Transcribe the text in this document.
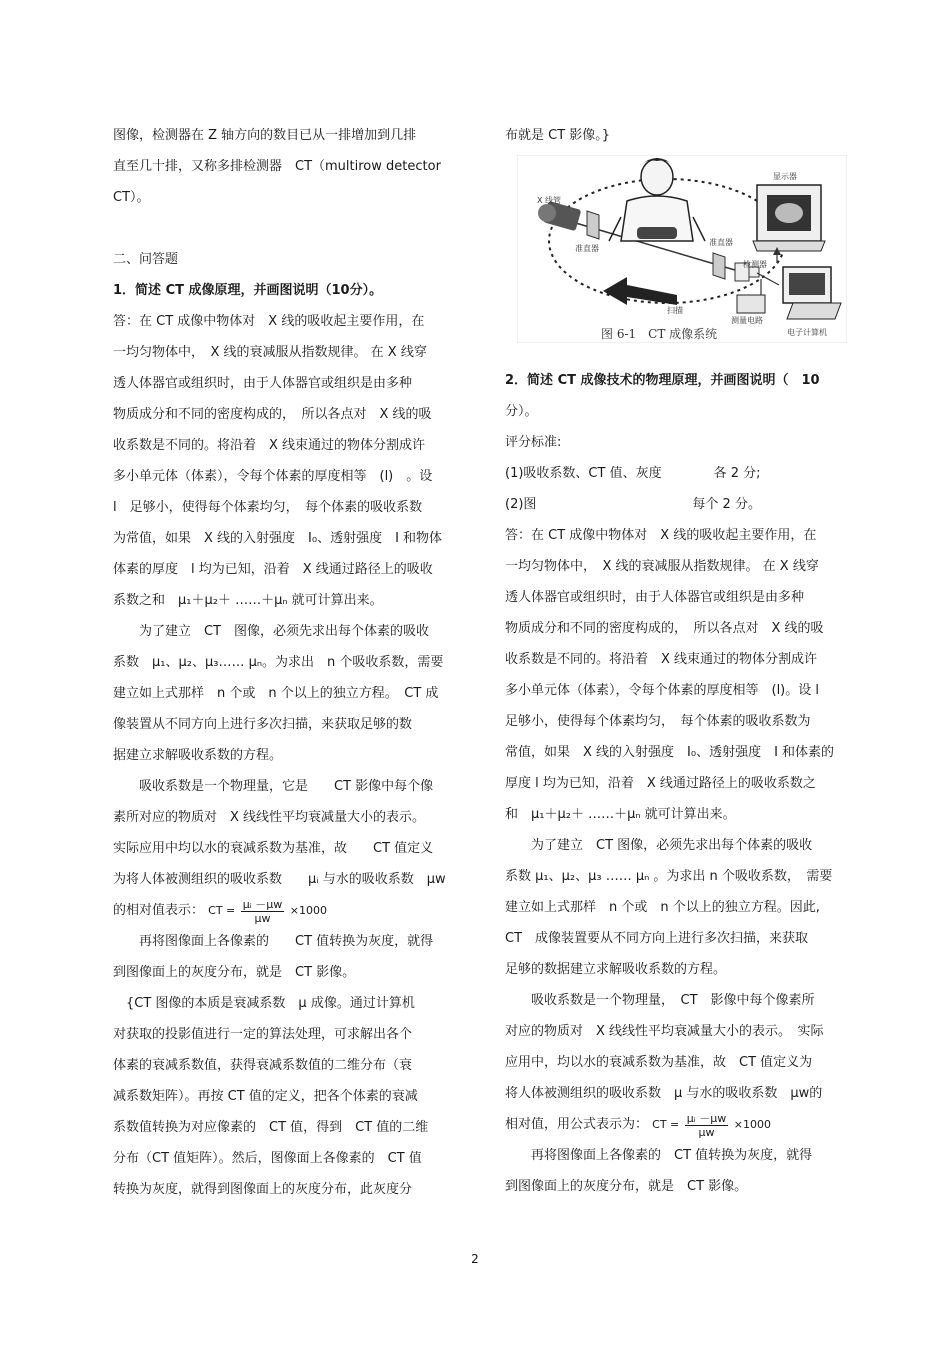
图像，检测器在 Z 轴方向的数目已从一排增加到几排
直至几十排，又称多排检测器　CT（multirow detector
CT）。
二、问答题
1．简述 CT 成像原理，并画图说明（10分）。
答：在 CT 成像中物体对　X 线的吸收起主要作用，在
一均匀物体中，　X 线的衰减服从指数规律。 在 X 线穿
透人体器官或组织时，由于人体器官或组织是由多种
物质成分和不同的密度构成的，　所以各点对　X 线的吸
收系数是不同的。将沿着　X 线束通过的物体分割成许
多小单元体（体素），令每个体素的厚度相等　(l)　。设
l　足够小，使得每个体素均匀，　每个体素的吸收系数
为常值，如果　X 线的入射强度　I₀、透射强度　I 和物体
体素的厚度　l 均为已知，沿着　X 线通过路径上的吸收
系数之和　μ₁＋μ₂＋ ……＋μₙ 就可计算出来。
　　为了建立　CT　图像，必须先求出每个体素的吸收
系数　μ₁、μ₂、μ₃…… μₙ。为求出　n 个吸收系数，需要
建立如上式那样　n 个或　n 个以上的独立方程。　CT 成
像装置从不同方向上进行多次扫描，来获取足够的数
据建立求解吸收系数的方程。
　　吸收系数是一个物理量，它是　　CT 影像中每个像
素所对应的物质对　X 线线性平均衰减量大小的表示。
实际应用中均以水的衰减系数为基准，故　　CT 值定义
为将人体被测组织的吸收系数　　μᵢ 与水的吸收系数　μw
的相对值表示： CT = $\frac{\text{μᵢ －μw}}{\mu w} \times 1000$
　　再将图像面上各像素的　　CT 值转换为灰度，就得
到图像面上的灰度分布，就是　CT 影像。
　{CT 图像的本质是衰减系数　μ 成像。通过计算机
对获取的投影值进行一定的算法处理，可求解出各个
体素的衰减系数值，获得衰减系数值的二维分布（衰
减系数矩阵）。再按 CT 值的定义，把各个体素的衰减
系数值转换为对应像素的　CT 值，得到　CT 值的二维
分布（CT 值矩阵）。然后，图像面上各像素的　CT 值
转换为灰度，就得到图像面上的灰度分布，此灰度分
布就是 CT 影像。}
X 线管
准直器
准直器
检测器
显示器
扫描
测量电路
电子计算机
图 6-1　CT 成像系统
2．简述 CT 成像技术的物理原理，并画图说明（　10
分）。
评分标准:
(1)吸收系数、CT 值、灰度　　　　各 2 分;
(2)图　　　　　　　　　　　　每个 2 分。
答：在 CT 成像中物体对　X 线的吸收起主要作用，在
一均匀物体中，　X 线的衰减服从指数规律。 在 X 线穿
透人体器官或组织时，由于人体器官或组织是由多种
物质成分和不同的密度构成的，　所以各点对　X 线的吸
收系数是不同的。将沿着　X 线束通过的物体分割成许
多小单元体（体素），令每个体素的厚度相等　(l)。设 l
足够小，使得每个体素均匀，　每个体素的吸收系数为
常值，如果　X 线的入射强度　I₀、透射强度　I 和体素的
厚度 l 均为已知，沿着　X 线通过路径上的吸收系数之
和　μ₁＋μ₂＋ ……＋μₙ 就可计算出来。
　　为了建立　CT 图像，必须先求出每个体素的吸收
系数 μ₁、μ₂、μ₃ …… μₙ 。为求出 n 个吸收系数，　需要
建立如上式那样　n 个或　n 个以上的独立方程。因此,
CT　成像装置要从不同方向上进行多次扫描，来获取
足够的数据建立求解吸收系数的方程。
　　吸收系数是一个物理量，　CT　影像中每个像素所
对应的物质对　X 线线性平均衰减量大小的表示。　实际
应用中，均以水的衰减系数为基准，故　CT 值定义为
将人体被测组织的吸收系数　μ 与水的吸收系数　μw的
相对值，用公式表示为： CT = $\frac{\text{μᵢ －μw}}{\mu w} \times 1000$
　　再将图像面上各像素的　CT 值转换为灰度，就得
到图像面上的灰度分布，就是　CT 影像。
2
